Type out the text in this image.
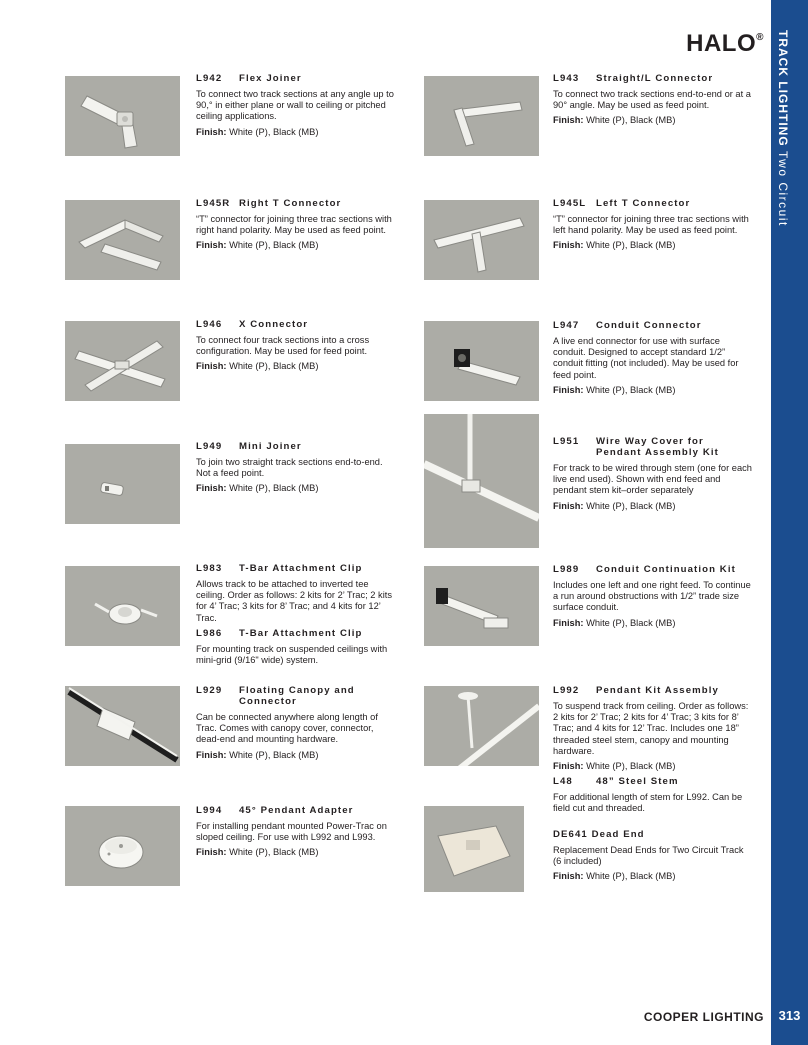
TRACK LIGHTING Two Circuit
313
COOPER LIGHTING
HALO®
L942	Flex Joiner
To connect two track sections at any angle up to 90,° in either plane or wall to ceiling or pitched ceiling applications.
Finish: White (P), Black (MB)
L945R Right T Connector
“T” connector for joining three trac sections with right hand polarity. May be used as feed point.
Finish: White (P), Black (MB)
L946	X Connector
To connect four track sections into a cross configuration. May be used for feed point.
Finish: White (P), Black (MB)
L949	Mini Joiner
To join two straight track sections end-to-end. Not a feed point.
Finish: White (P), Black (MB)
L983	T-Bar Attachment Clip
Allows track to be attached to inverted tee ceiling. Order as follows: 2 kits for 2’ Trac; 2 kits for 4’ Trac; 3 kits for 8’ Trac; and 4 kits for 12’ Trac.
L986	T-Bar Attachment Clip
For mounting track on suspended ceilings with mini-grid (9/16" wide) system.
L929	Floating Canopy and Connector
Can be connected anywhere along length of Trac. Comes with canopy cover, connector, dead-end and mounting hardware.
Finish: White (P), Black (MB)
L994	45° Pendant Adapter
For installing pendant mounted Power-Trac on sloped ceiling. For use with L992 and L993.
Finish: White (P), Black (MB)
L943	Straight/L Connector
To connect two track sections end-to-end or at a 90° angle. May be used as feed point.
Finish: White (P), Black (MB)
L945L	Left T Connector
“T” connector for joining three trac sections with left hand polarity. May be used as feed point.
Finish: White (P), Black (MB)
L947	Conduit Connector
A live end connector for use with surface conduit. Designed to accept standard 1/2” conduit fitting (not included). May be used for feed point.
Finish: White (P), Black (MB)
L951	Wire Way Cover for Pendant Assembly Kit
For track to be wired through stem (one for each live end used). Shown with end feed and pendant stem kit–order separately
Finish: White (P), Black (MB)
L989	Conduit Continuation Kit
Includes one left and one right feed. To continue
a run around obstructions with 1/2” trade size surface conduit.
Finish: White (P), Black (MB)
L992	Pendant Kit Assembly
To suspend track from ceiling. Order as follows: 2 kits for 2’ Trac; 2 kits for 4’ Trac; 3 kits for 8’ Trac; and 4 kits for 12’ Trac. Includes one 18” threaded steel stem, canopy and mounting hardware.
Finish: White (P), Black (MB)
L48	48” Steel Stem
For additional length of stem for L992. Can be field cut and threaded.
DE641 Dead End
Replacement Dead Ends for Two Circuit Track (6 included)
Finish: White (P), Black (MB)
